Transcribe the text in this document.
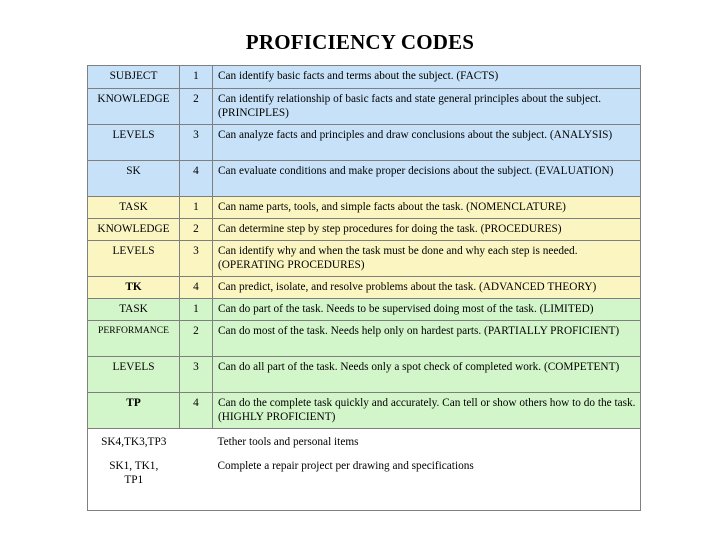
PROFICIENCY CODES
SUBJECT	1	Can identify basic facts and terms about the subject. (FACTS)
KNOWLEDGE	2	Can identify relationship of basic facts and state general principles about the subject. (PRINCIPLES)
LEVELS	3	Can analyze facts and principles and draw conclusions about the subject. (ANALYSIS)
SK	4	Can evaluate conditions and make proper decisions about the subject. (EVALUATION)
TASK	1	Can name parts, tools, and simple facts about the task. (NOMENCLATURE)
KNOWLEDGE	2	Can determine step by step procedures for doing the task. (PROCEDURES)
LEVELS	3	Can identify why and when the task must be done and why each step is needed. (OPERATING PROCEDURES)
TK	4	Can predict, isolate, and resolve problems about the task. (ADVANCED THEORY)
TASK	1	Can do part of the task. Needs to be supervised doing most of the task. (LIMITED)
PERFORMANCE	2	Can do most of the task. Needs help only on hardest parts. (PARTIALLY PROFICIENT)
LEVELS	3	Can do all part of the task. Needs only a spot check of completed work. (COMPETENT)
TP	4	Can do the complete task quickly and accurately. Can tell or show others how to do the task. (HIGHLY PROFICIENT)
SK4,TK3,TP3		Tether tools and personal items
SK1, TK1, TP1		Complete a repair project per drawing and specifications
